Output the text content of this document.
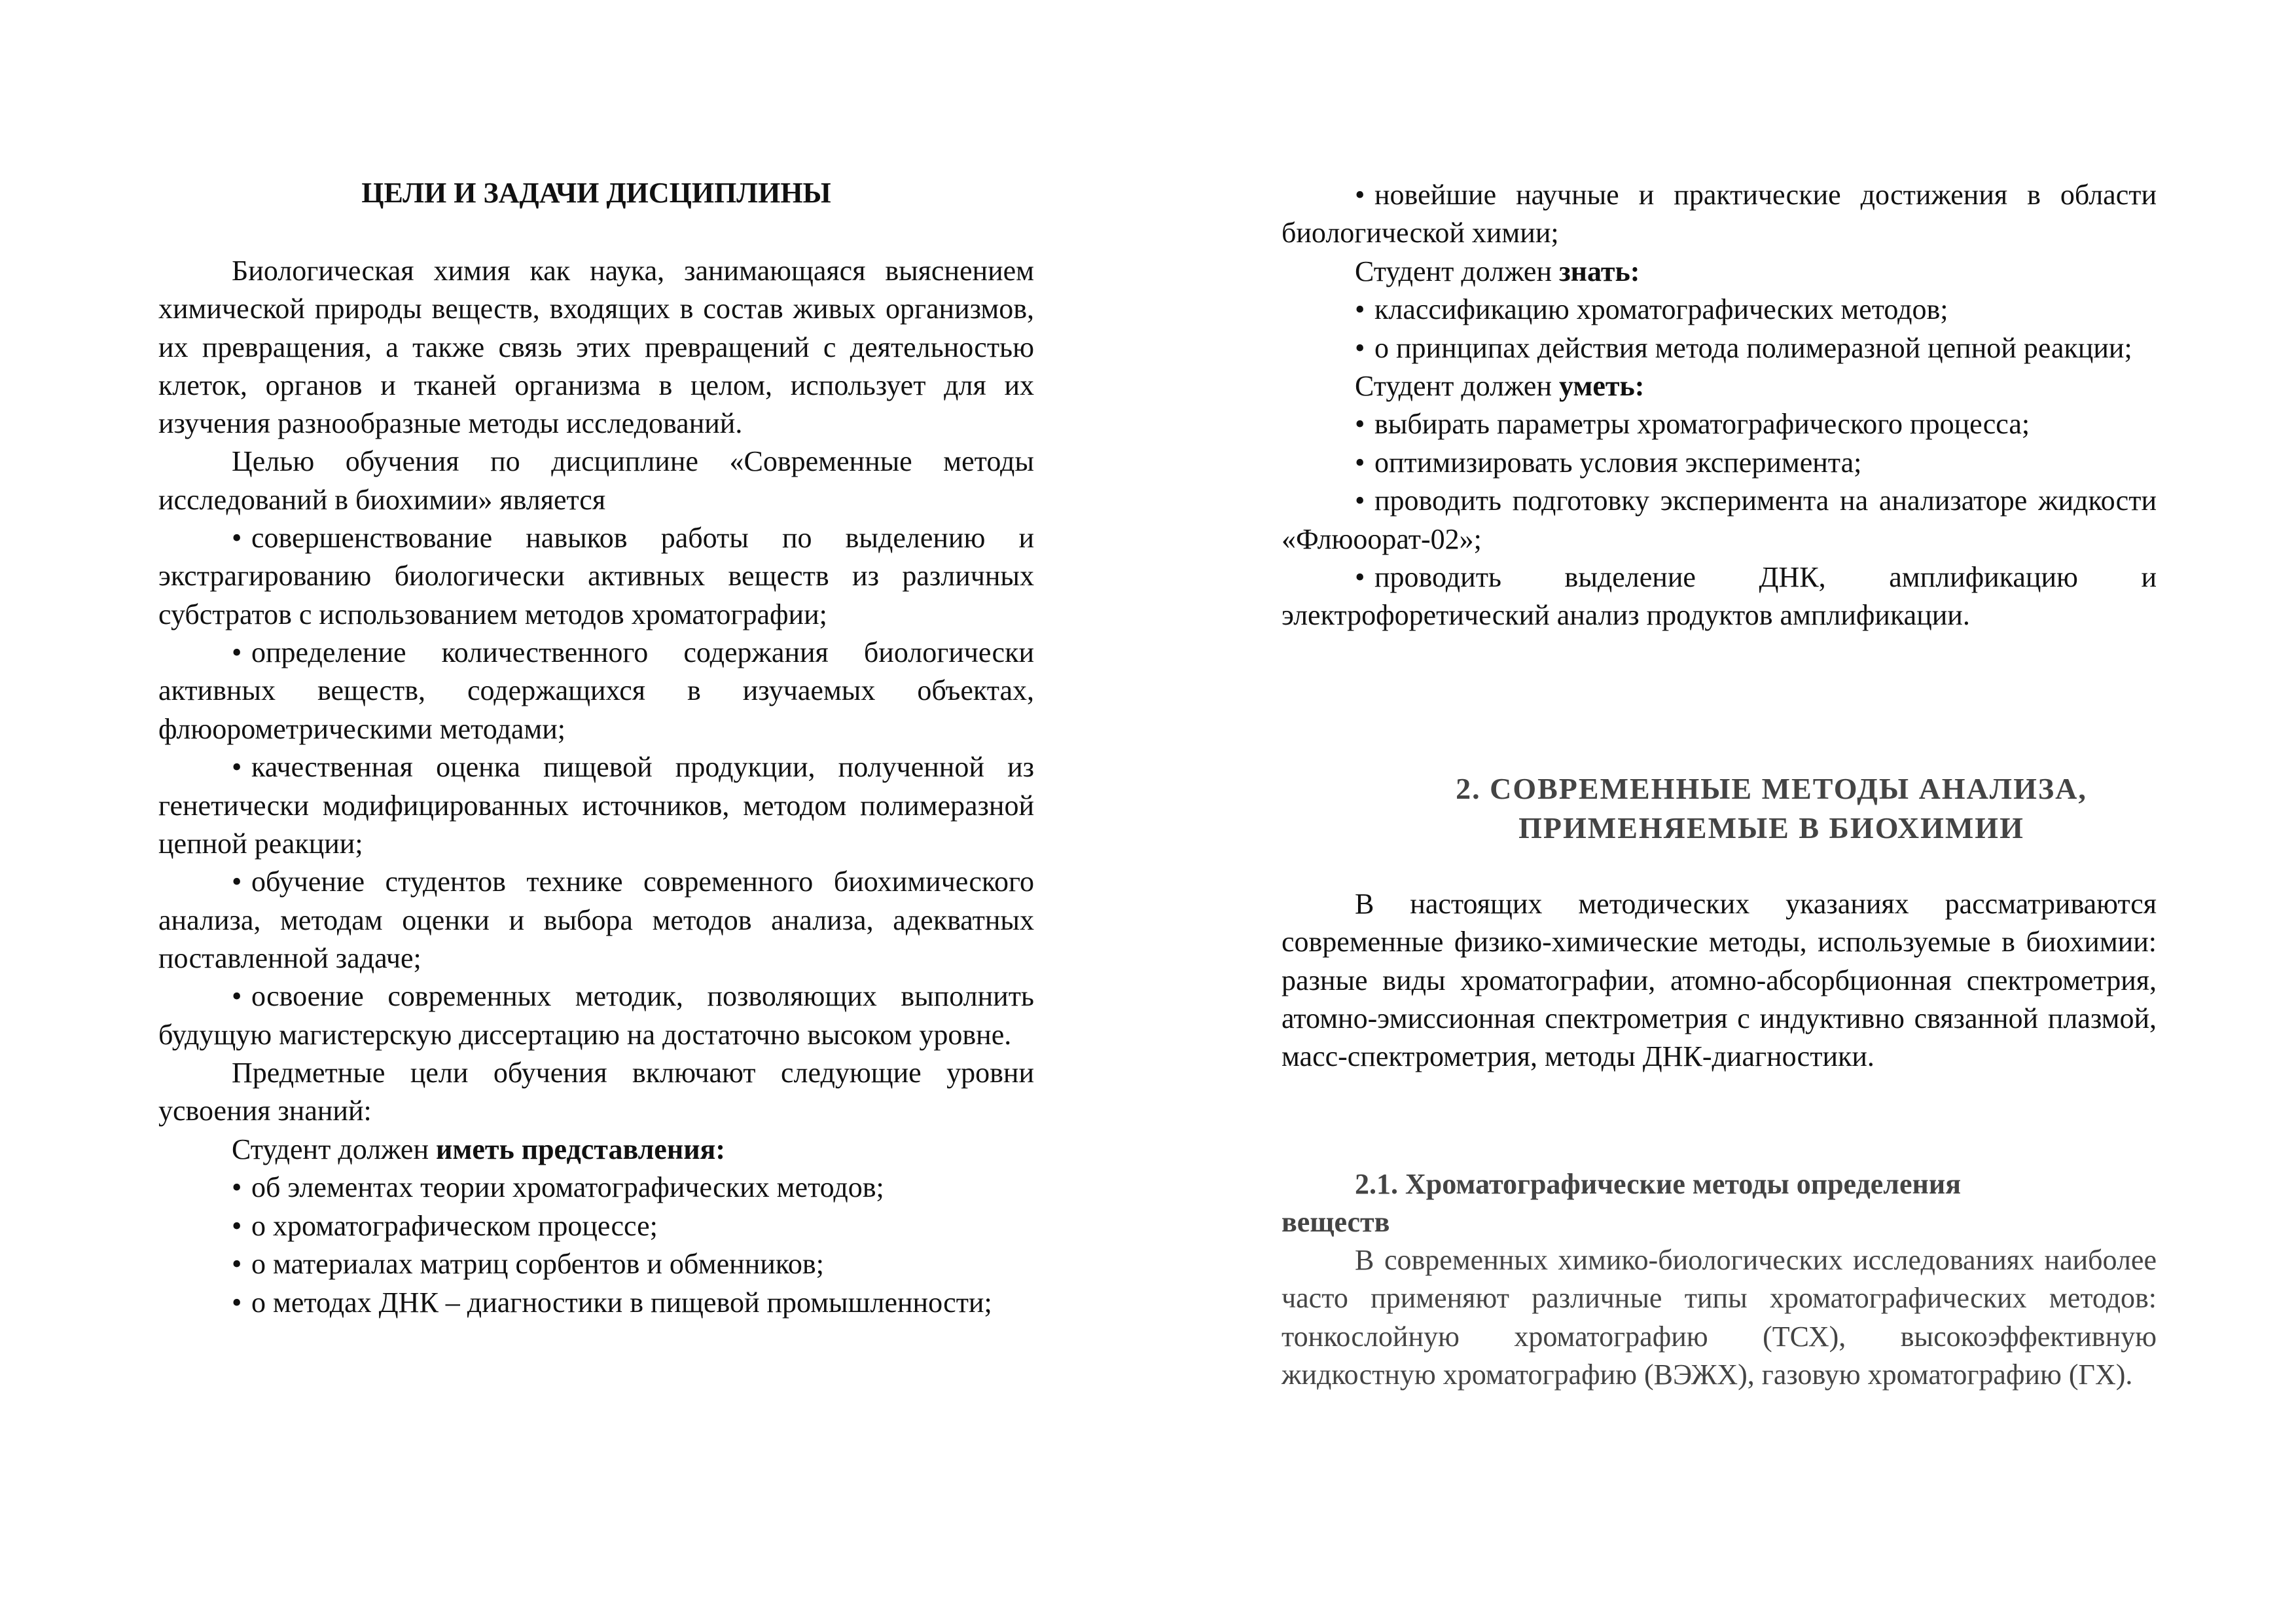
ЦЕЛИ И ЗАДАЧИ ДИСЦИПЛИНЫ

Биологическая химия как наука, занимающаяся выяснением химической природы веществ, входящих в состав живых организмов, их превращения, а также связь этих превращений с деятельностью клеток, органов и тканей организма в целом, использует для их изучения разнообразные методы исследований.

Целью обучения по дисциплине «Современные методы исследований в биохимии» является

• совершенствование навыков работы по выделению и экстрагированию биологически активных веществ из различных субстратов с использованием методов хроматографии;

• определение количественного содержания биологически активных веществ, содержащихся в изучаемых объектах, флюорометрическими методами;

• качественная оценка пищевой продукции, полученной из генетически модифицированных источников, методом полимеразной цепной реакции;

• обучение студентов технике современного биохимического анализа, методам оценки и выбора методов анализа, адекватных поставленной задаче;

• освоение современных методик, позволяющих выполнить будущую магистерскую диссертацию на достаточно высоком уровне.

Предметные цели обучения включают следующие уровни усвоения знаний:

Студент должен иметь представления:

• об элементах теории хроматографических методов;

• о хроматографическом процессе;

• о материалах матриц сорбентов и обменников;

• о методах ДНК – диагностики в пищевой промышленности;

• новейшие научные и практические достижения в области биологической химии;

Студент должен знать:

• классификацию хроматографических методов;

• о принципах действия метода полимеразной цепной реакции;

Студент должен уметь:

• выбирать параметры хроматографического процесса;

• оптимизировать условия эксперимента;

• проводить подготовку эксперимента на анализаторе жидкости «Флюоорат-02»;

• проводить выделение ДНК, амплификацию и электрофоретический анализ продуктов амплификации.

2. СОВРЕМЕННЫЕ МЕТОДЫ АНАЛИЗА,
ПРИМЕНЯЕМЫЕ В БИОХИМИИ

В настоящих методических указаниях рассматриваются современные физико-химические методы, используемые в биохимии: разные виды хроматографии, атомно-абсорбционная спектрометрия, атомно-эмиссионная спектрометрия с индуктивно связанной плазмой, масс-спектрометрия, методы ДНК-диагностики.

2.1. Хроматографические методы определения
веществ

В современных химико-биологических исследованиях наиболее часто применяют различные типы хроматографических методов: тонкослойную хроматографию (ТСХ), высокоэффективную жидкостную хроматографию (ВЭЖХ), газовую хроматографию (ГХ).
